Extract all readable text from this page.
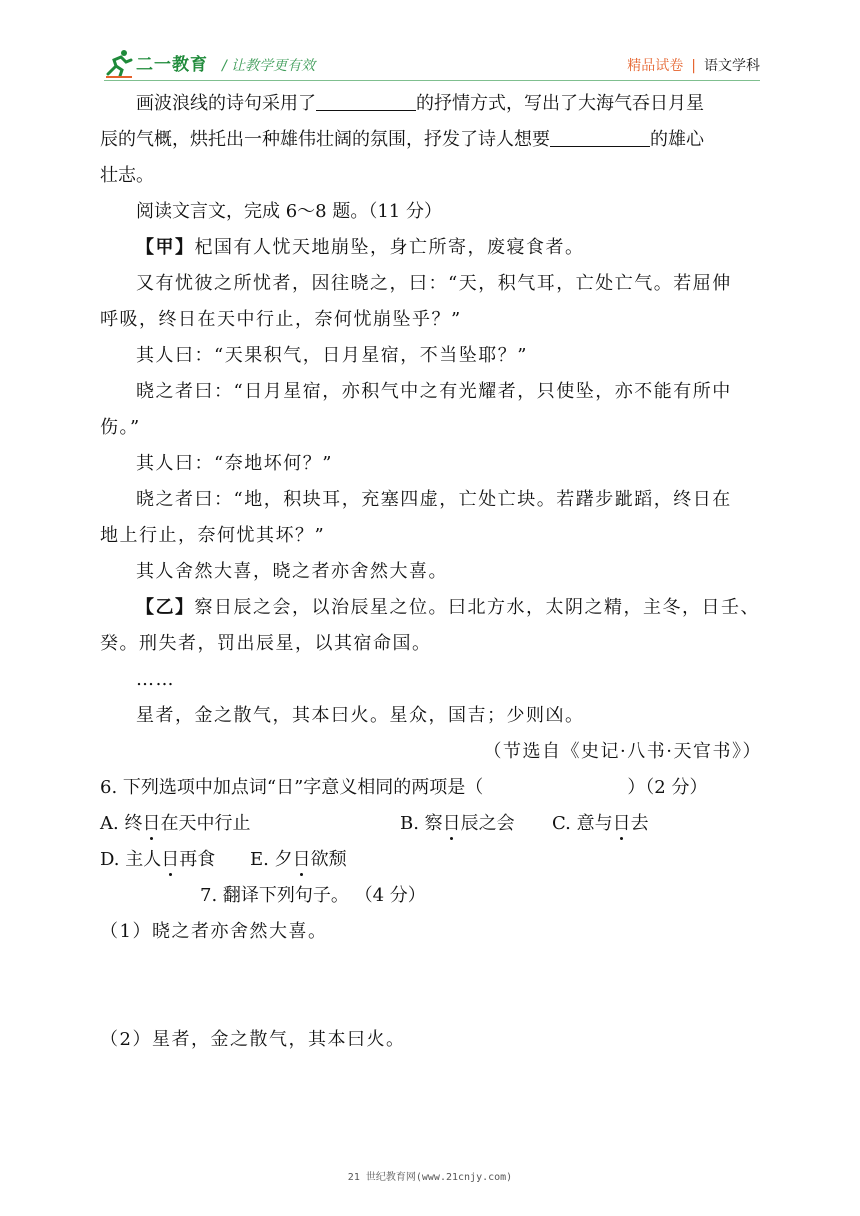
二一教育 / 让教学更有效	精品试卷 | 语文学科

画波浪线的诗句采用了	的抒情方式，写出了大海气吞日月星

辰的气概，烘托出一种雄伟壮阔的氛围，抒发了诗人想要	的雄心

壮志。

阅读文言文，完成 6～8 题。（11 分）

【甲】杞国有人忧天地崩坠，身亡所寄，废寝食者。

又有忧彼之所忧者，因往晓之，曰：“天，积气耳，亡处亡气。若屈伸

呼吸，终日在天中行止，奈何忧崩坠乎？”

其人曰：“天果积气，日月星宿，不当坠耶？”

晓之者曰：“日月星宿，亦积气中之有光耀者，只使坠，亦不能有所中

伤。”

其人曰：“奈地坏何？”

晓之者曰：“地，积块耳，充塞四虚，亡处亡块。若躇步跐蹈，终日在

地上行止，奈何忧其坏？”

其人舍然大喜，晓之者亦舍然大喜。

【乙】察日辰之会，以治辰星之位。曰北方水，太阴之精，主冬，日壬、

癸。刑失者，罚出辰星，以其宿命国。

……

星者，金之散气，其本曰火。星众，国吉；少则凶。

（节选自《史记·八书·天官书》）

6. 下列选项中加点词“日”字意义相同的两项是（	）（2 分）

A. 终日在天中行止	B. 察日辰之会 C. 意与日去

D. 主人日再食 E. 夕日欲颓

7. 翻译下列句子。 （4 分）

（1）晓之者亦舍然大喜。

（2）星者，金之散气，其本曰火。

21 世纪教育网(www.21cnjy.com)
